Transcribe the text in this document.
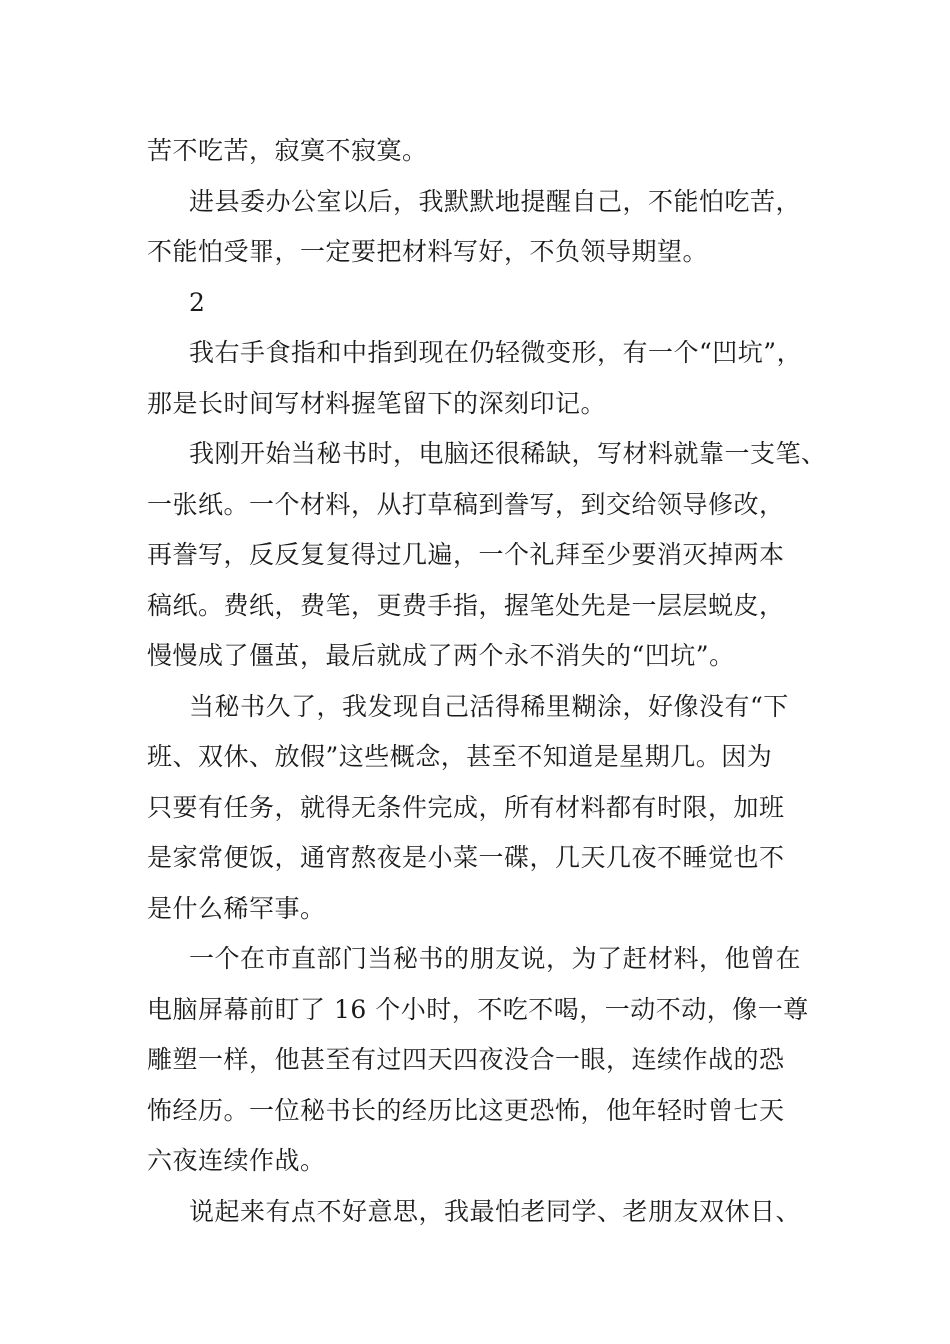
苦不吃苦，寂寞不寂寞。
进县委办公室以后，我默默地提醒自己，不能怕吃苦，
不能怕受罪，一定要把材料写好，不负领导期望。
2
我右手食指和中指到现在仍轻微变形，有一个“凹坑”，
那是长时间写材料握笔留下的深刻印记。
我刚开始当秘书时，电脑还很稀缺，写材料就靠一支笔、
一张纸。一个材料，从打草稿到誊写，到交给领导修改，
再誊写，反反复复得过几遍，一个礼拜至少要消灭掉两本
稿纸。费纸，费笔，更费手指，握笔处先是一层层蜕皮，
慢慢成了僵茧，最后就成了两个永不消失的“凹坑”。
当秘书久了，我发现自己活得稀里糊涂，好像没有“下
班、双休、放假”这些概念，甚至不知道是星期几。因为
只要有任务，就得无条件完成，所有材料都有时限，加班
是家常便饭，通宵熬夜是小菜一碟，几天几夜不睡觉也不
是什么稀罕事。
一个在市直部门当秘书的朋友说，为了赶材料，他曾在
电脑屏幕前盯了 16 个小时，不吃不喝，一动不动，像一尊
雕塑一样，他甚至有过四天四夜没合一眼，连续作战的恐
怖经历。一位秘书长的经历比这更恐怖，他年轻时曾七天
六夜连续作战。
说起来有点不好意思，我最怕老同学、老朋友双休日、
